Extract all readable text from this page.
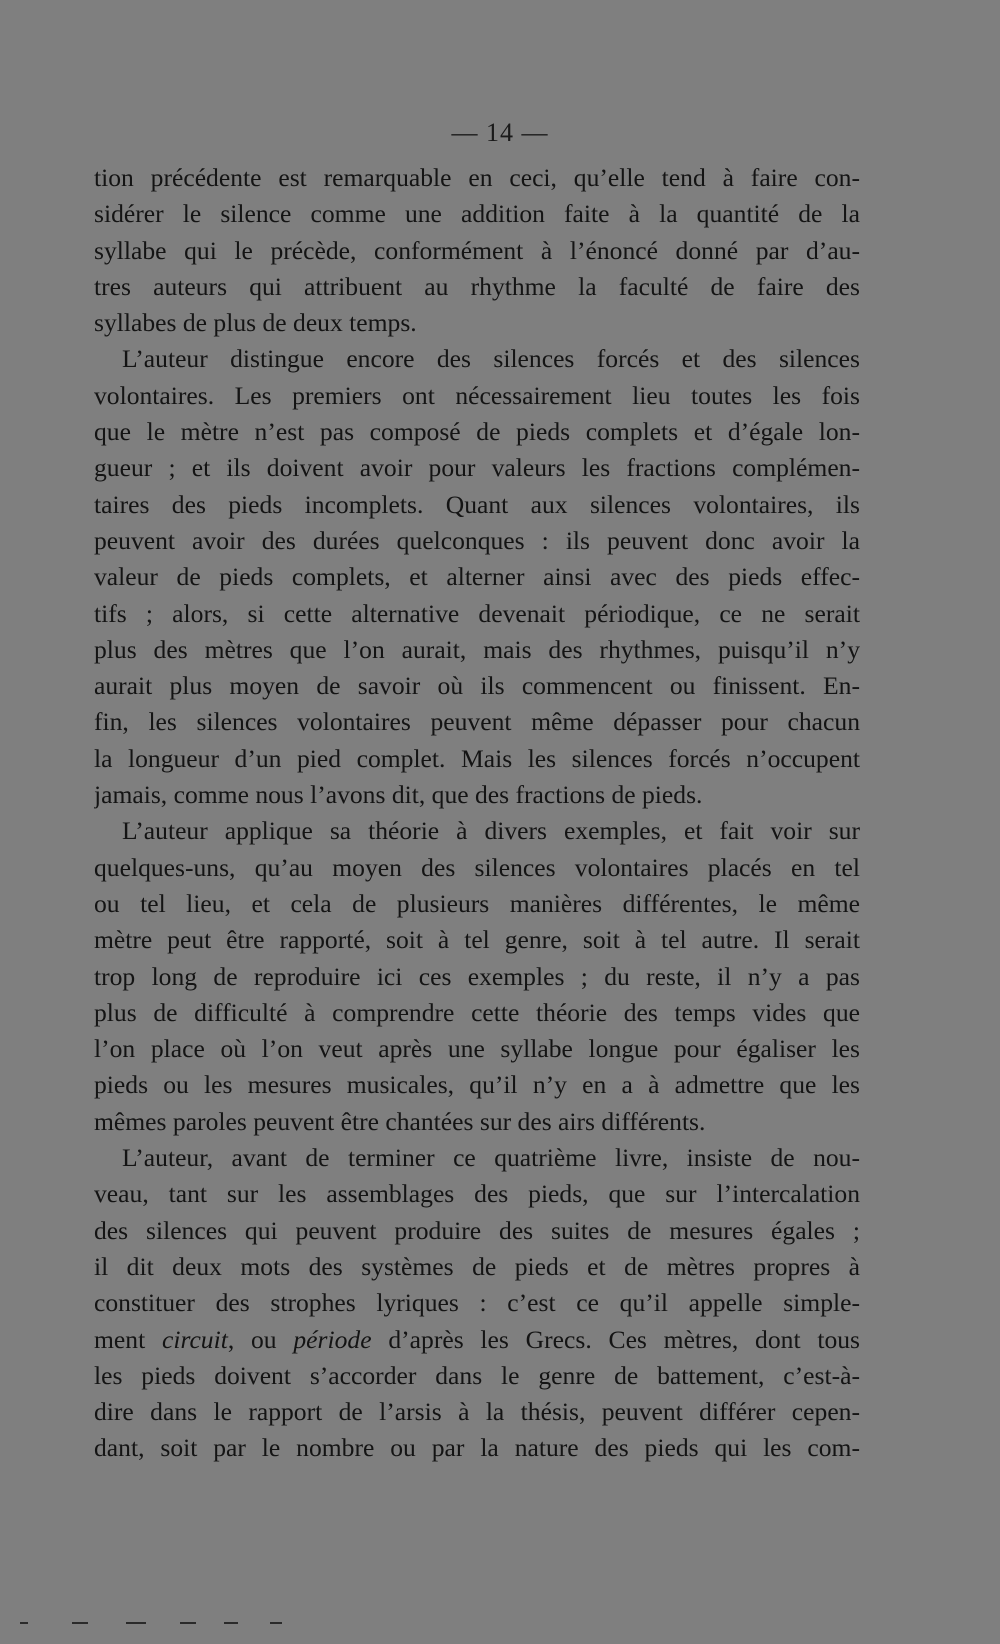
— 14 —
tion précédente est remarquable en ceci, qu’elle tend à faire con-
sidérer le silence comme une addition faite à la quantité de la
syllabe qui le précède, conformément à l’énoncé donné par d’au-
tres auteurs qui attribuent au rhythme la faculté de faire des
syllabes de plus de deux temps.
L’auteur distingue encore des silences forcés et des silences
volontaires. Les premiers ont nécessairement lieu toutes les fois
que le mètre n’est pas composé de pieds complets et d’égale lon-
gueur ; et ils doivent avoir pour valeurs les fractions complémen-
taires des pieds incomplets. Quant aux silences volontaires, ils
peuvent avoir des durées quelconques : ils peuvent donc avoir la
valeur de pieds complets, et alterner ainsi avec des pieds effec-
tifs ; alors, si cette alternative devenait périodique, ce ne serait
plus des mètres que l’on aurait, mais des rhythmes, puisqu’il n’y
aurait plus moyen de savoir où ils commencent ou finissent. En-
fin, les silences volontaires peuvent même dépasser pour chacun
la longueur d’un pied complet. Mais les silences forcés n’occupent
jamais, comme nous l’avons dit, que des fractions de pieds.
L’auteur applique sa théorie à divers exemples, et fait voir sur
quelques-uns, qu’au moyen des silences volontaires placés en tel
ou tel lieu, et cela de plusieurs manières différentes, le même
mètre peut être rapporté, soit à tel genre, soit à tel autre. Il serait
trop long de reproduire ici ces exemples ; du reste, il n’y a pas
plus de difficulté à comprendre cette théorie des temps vides que
l’on place où l’on veut après une syllabe longue pour égaliser les
pieds ou les mesures musicales, qu’il n’y en a à admettre que les
mêmes paroles peuvent être chantées sur des airs différents.
L’auteur, avant de terminer ce quatrième livre, insiste de nou-
veau, tant sur les assemblages des pieds, que sur l’intercalation
des silences qui peuvent produire des suites de mesures égales ;
il dit deux mots des systèmes de pieds et de mètres propres à
constituer des strophes lyriques : c’est ce qu’il appelle simple-
ment circuit, ou période d’après les Grecs. Ces mètres, dont tous
les pieds doivent s’accorder dans le genre de battement, c’est-à-
dire dans le rapport de l’arsis à la thésis, peuvent différer cepen-
dant, soit par le nombre ou par la nature des pieds qui les com-
